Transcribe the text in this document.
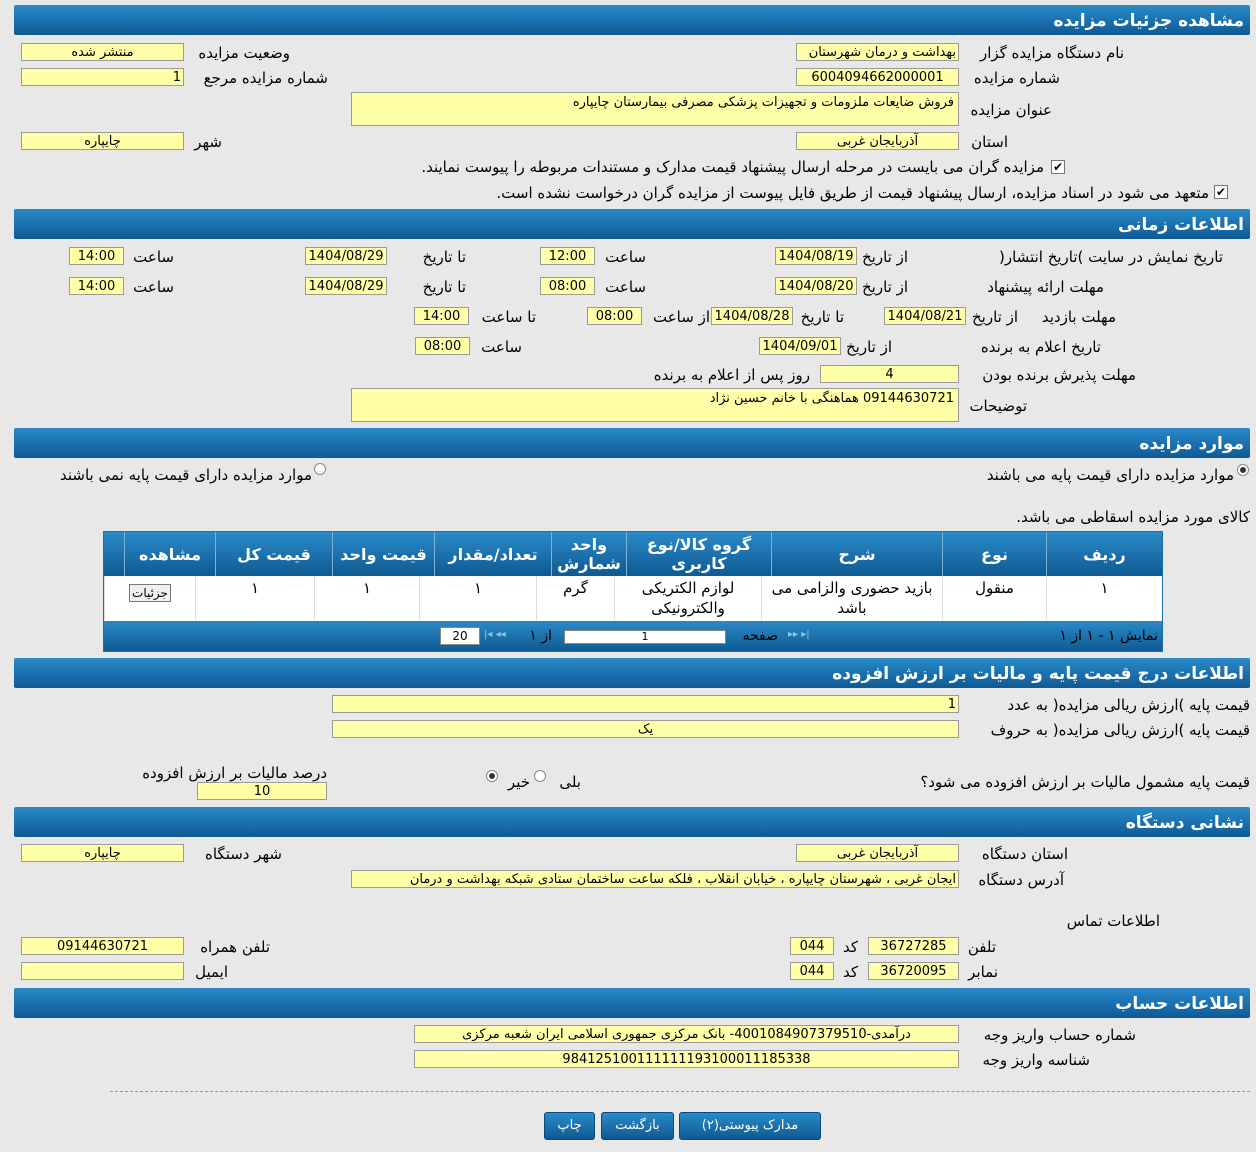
مشاهده جزئیات مزایده
نام دستگاه مزایده گزار
بهداشت و درمان شهرستان
وضعیت مزایده
منتشر شده
شماره مزایده
6004094662000001
شماره مزایده مرجع
1
عنوان مزایده
فروش ضایعات ملزومات و تجهیزات پزشکی مصرفی بیمارستان چایپاره
استان
آذربایجان غربی
شهر
چایپاره
✔
مزایده گران می بایست در مرحله ارسال پیشنهاد قیمت مدارک و مستندات مربوطه را پیوست نمایند.
✔
متعهد می شود در اسناد مزایده، ارسال پیشنهاد قیمت از طریق فایل پیوست از مزایده گران درخواست نشده است.
اطلاعات زمانی
تاریخ نمایش در سایت )تاریخ انتشار(
از تاریخ
1404/08/19
ساعت
12:00
تا تاریخ
1404/08/29
ساعت
14:00
مهلت ارائه پیشنهاد
از تاریخ
1404/08/20
ساعت
08:00
تا تاریخ
1404/08/29
ساعت
14:00
مهلت بازدید
از تاریخ
1404/08/21
تا تاریخ
1404/08/28
از ساعت
08:00
تا ساعت
14:00
تاریخ اعلام به برنده
از تاریخ
1404/09/01
ساعت
08:00
مهلت پذیرش برنده بودن
4
روز پس از اعلام به برنده
توضیحات
09144630721 هماهنگی با خانم حسین نژاد
موارد مزایده
موارد مزایده دارای قیمت پایه می باشند
موارد مزایده دارای قیمت پایه نمی باشند
کالای مورد مزایده اسقاطی می باشد.
ردیف
نوع
شرح
گروه کالا/نوع کاربری
واحد شمارش
تعداد/مقدار
قیمت واحد
قیمت کل
مشاهده
۱
منقول
بازید حضوری والزامی می باشد
لوازم الکتریکی والکترونیکی
گرم
۱
۱
۱
جزئیات
نمایش ۱ - ۱ از ۱
▸▸ ▸|
صفحه
1
از ۱
|◂ ◂◂
20
اطلاعات درج قیمت پایه و مالیات بر ارزش افزوده
قیمت پایه )ارزش ریالی مزایده( به عدد
1
قیمت پایه )ارزش ریالی مزایده( به حروف
یک
قیمت پایه مشمول مالیات بر ارزش افزوده می شود؟
بلی
خیر
درصد مالیات بر ارزش افزوده
10
نشانی دستگاه
استان دستگاه
آذربایجان غربی
شهر دستگاه
چایپاره
آدرس دستگاه
ایجان غربی ، شهرستان چایپاره ، خیابان انقلاب ، فلکه ساعت ساختمان ستادی شبکه بهداشت و درمان
اطلاعات تماس
تلفن
36727285
کد
044
تلفن همراه
09144630721
نمابر
36720095
کد
044
ایمیل
اطلاعات حساب
شماره حساب واریز وجه
درآمدی-4001084907379510- بانک مرکزی جمهوری اسلامی ایران شعبه مرکزی
شناسه واریز وجه
984125100111111193100011185338
مدارک پیوستی(۲)
بازگشت
چاپ
